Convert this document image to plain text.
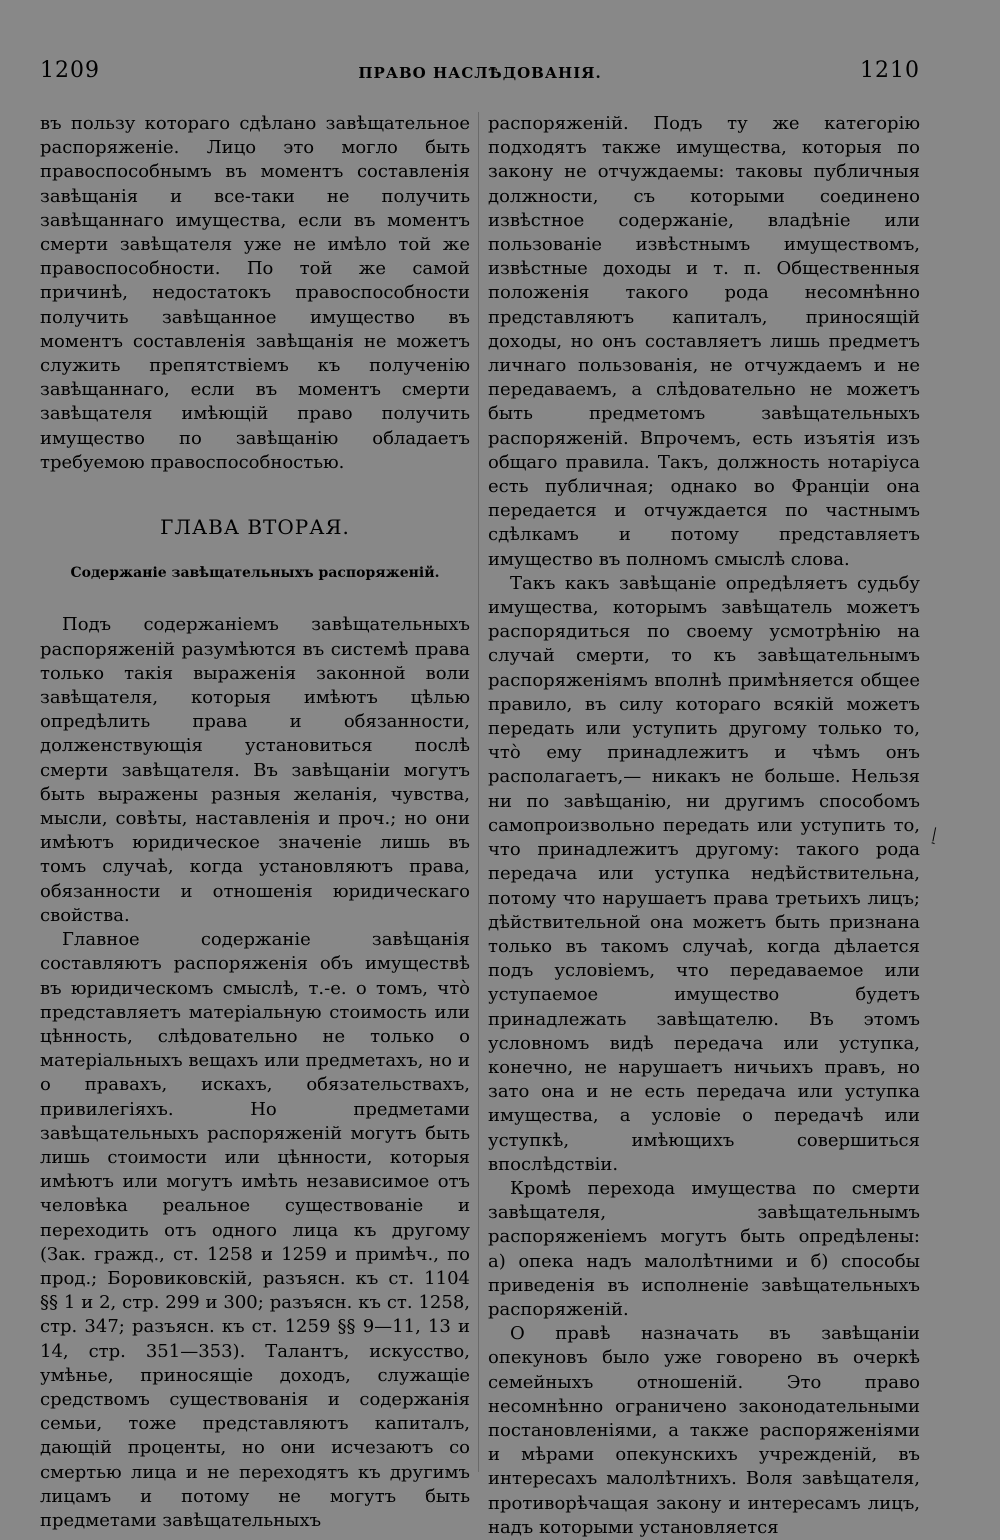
1209	ПРАВО НАСЛѢДОВАНІЯ.	1210

въ пользу котораго сдѣлано завѣщательное распоряженіе. Лицо это могло быть правоспособнымъ въ моментъ составленія завѣщанія и все-таки не получить завѣщаннаго имущества, если въ моментъ смерти завѣщателя уже не имѣло той же правоспособности. По той же самой причинѣ, недостатокъ правоспособности получить завѣщанное имущество въ моментъ составленія завѣщанія не можетъ служить препятствіемъ къ полученію завѣщаннаго, если въ моментъ смерти завѣщателя имѣющій право получить имущество по завѣщанію обладаетъ требуемою правоспособностью.

ГЛАВА ВТОРАЯ.
Содержаніе завѣщательныхъ распоряженій.

Подъ содержаніемъ завѣщательныхъ распоряженій разумѣются въ системѣ права только такія выраженія законной воли завѣщателя, которыя имѣютъ цѣлью опредѣлить права и обязанности, долженствующія установиться послѣ смерти завѣщателя. Въ завѣщаніи могутъ быть выражены разныя желанія, чувства, мысли, совѣты, наставленія и проч.; но они имѣютъ юридическое значеніе лишь въ томъ случаѣ, когда установляютъ права, обязанности и отношенія юридическаго свойства.

Главное содержаніе завѣщанія составляютъ распоряженія объ имуществѣ въ юридическомъ смыслѣ, т.-е. о томъ, что̀ представляетъ матеріальную стоимость или цѣнность, слѣдовательно не только о матеріальныхъ вещахъ или предметахъ, но и о правахъ, искахъ, обязательствахъ, привилегіяхъ. Но предметами завѣщательныхъ распоряженій могутъ быть лишь стоимости или цѣнности, которыя имѣютъ или могутъ имѣть независимое отъ человѣка реальное существованіе и переходить отъ одного лица къ другому (Зак. гражд., ст. 1258 и 1259 и примѣч., по прод.; Боровиковскій, разъясн. къ ст. 1104 §§ 1 и 2, стр. 299 и 300; разъясн. къ ст. 1258, стр. 347; разъясн. къ ст. 1259 §§ 9—11, 13 и 14, стр. 351—353). Талантъ, искусство, умѣнье, приносящіе доходъ, служащіе средствомъ существованія и содержанія семьи, тоже представляютъ капиталъ, дающій проценты, но они исчезаютъ со смертью лица и не переходятъ къ другимъ лицамъ и потому не могутъ быть предметами завѣщательныхъ

распоряженій. Подъ ту же категорію подходятъ также имущества, которыя по закону не отчуждаемы: таковы публичныя должности, съ которыми соединено извѣстное содержаніе, владѣніе или пользованіе извѣстнымъ имуществомъ, извѣстные доходы и т. п. Общественныя положенія такого рода несомнѣнно представляютъ капиталъ, приносящій доходы, но онъ составляетъ лишь предметъ личнаго пользованія, не отчуждаемъ и не передаваемъ, а слѣдовательно не можетъ быть предметомъ завѣщательныхъ распоряженій. Впрочемъ, есть изъятія изъ общаго правила. Такъ, должность нотаріуса есть публичная; однако во Франціи она передается и отчуждается по частнымъ сдѣлкамъ и потому представляетъ имущество въ полномъ смыслѣ слова.

Такъ какъ завѣщаніе опредѣляетъ судьбу имущества, которымъ завѣщатель можетъ распорядиться по своему усмотрѣнію на случай смерти, то къ завѣщательнымъ распоряженіямъ вполнѣ примѣняется общее правило, въ силу котораго всякій можетъ передать или уступить другому только то, что̀ ему принадлежитъ и чѣмъ онъ располагаетъ,— никакъ не больше. Нельзя ни по завѣщанію, ни другимъ способомъ самопроизвольно передать или уступить то, что принадлежитъ другому: такого рода передача или уступка недѣйствительна, потому что нарушаетъ права третьихъ лицъ; дѣйствительной она можетъ быть признана только въ такомъ случаѣ, когда дѣлается подъ условіемъ, что передаваемое или уступаемое имущество будетъ принадлежать завѣщателю. Въ этомъ условномъ видѣ передача или уступка, конечно, не нарушаетъ ничьихъ правъ, но зато она и не есть передача или уступка имущества, а условіе о передачѣ или уступкѣ, имѣющихъ совершиться впослѣдствіи.

Кромѣ перехода имущества по смерти завѣщателя, завѣщательнымъ распоряженіемъ могутъ быть опредѣлены: а) опека надъ малолѣтними и б) способы приведенія въ исполненіе завѣщательныхъ распоряженій.

О правѣ назначать въ завѣщаніи опекуновъ было уже говорено въ очеркѣ семейныхъ отношеній. Это право несомнѣнно ограничено законодательными постановленіями, а также распоряженіями и мѣрами опекунскихъ учрежденій, въ интересахъ малолѣтнихъ. Воля завѣщателя, противорѣчащая закону и интересамъ лицъ, надъ которыми установляется

ˏ⁄
